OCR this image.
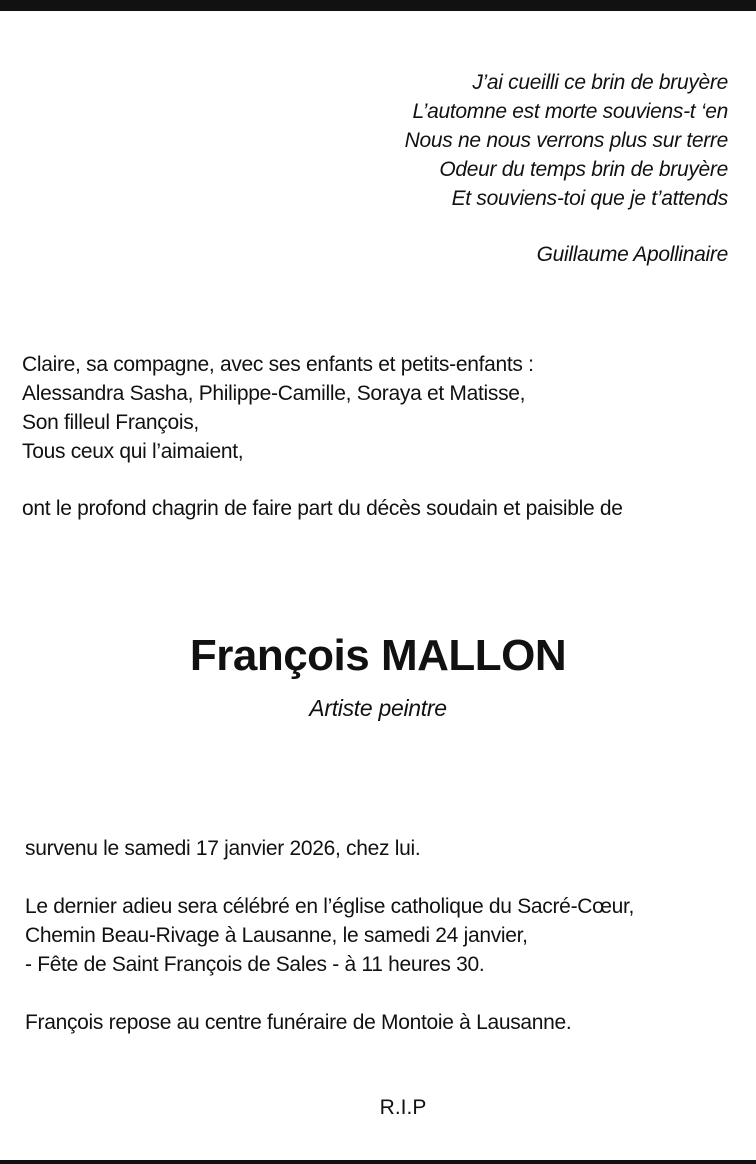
J’ai cueilli ce brin de bruyère
L’automne est morte souviens-t ‘en
Nous ne nous verrons plus sur terre
Odeur du temps brin de bruyère
Et souviens-toi que je t’attends
Guillaume Apollinaire
Claire, sa compagne, avec ses enfants et petits-enfants :
Alessandra Sasha, Philippe-Camille, Soraya et Matisse,
Son filleul François,
Tous ceux qui l’aimaient,
ont le profond chagrin de faire part du décès soudain et paisible de
François MALLON
Artiste peintre
survenu le samedi 17 janvier 2026, chez lui.
Le dernier adieu sera célébré en l’église catholique du Sacré-Cœur,
Chemin Beau-Rivage à Lausanne, le samedi 24 janvier,
- Fête de Saint François de Sales - à 11 heures 30.
François repose au centre funéraire de Montoie à Lausanne.
R.I.P
